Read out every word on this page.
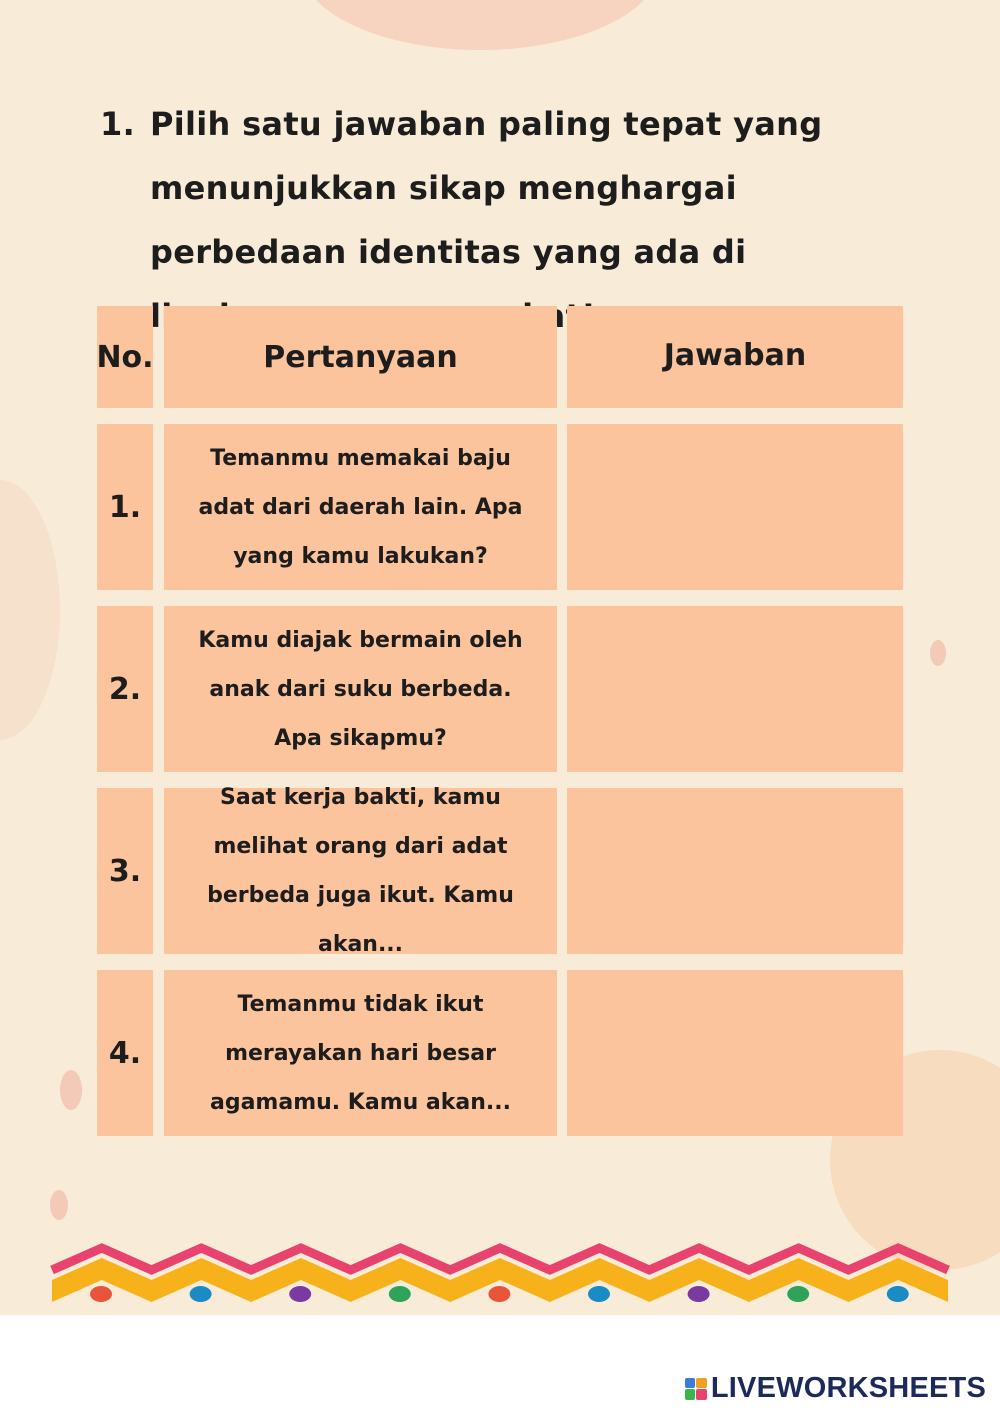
1. Pilih satu jawaban paling tepat yang menunjukkan sikap menghargai perbedaan identitas yang ada di
No.	Pertanyaan	Jawaban
1.
Temanmu memakai baju adat dari daerah lain. Apa yang kamu lakukan?
2.
Kamu diajak bermain oleh anak dari suku berbeda. Apa sikapmu?
3.
Saat kerja bakti, kamu melihat orang dari adat berbeda juga ikut. Kamu akan...
4.
Temanmu tidak ikut merayakan hari besar agamamu. Kamu akan...
LIVEWORKSHEETS
